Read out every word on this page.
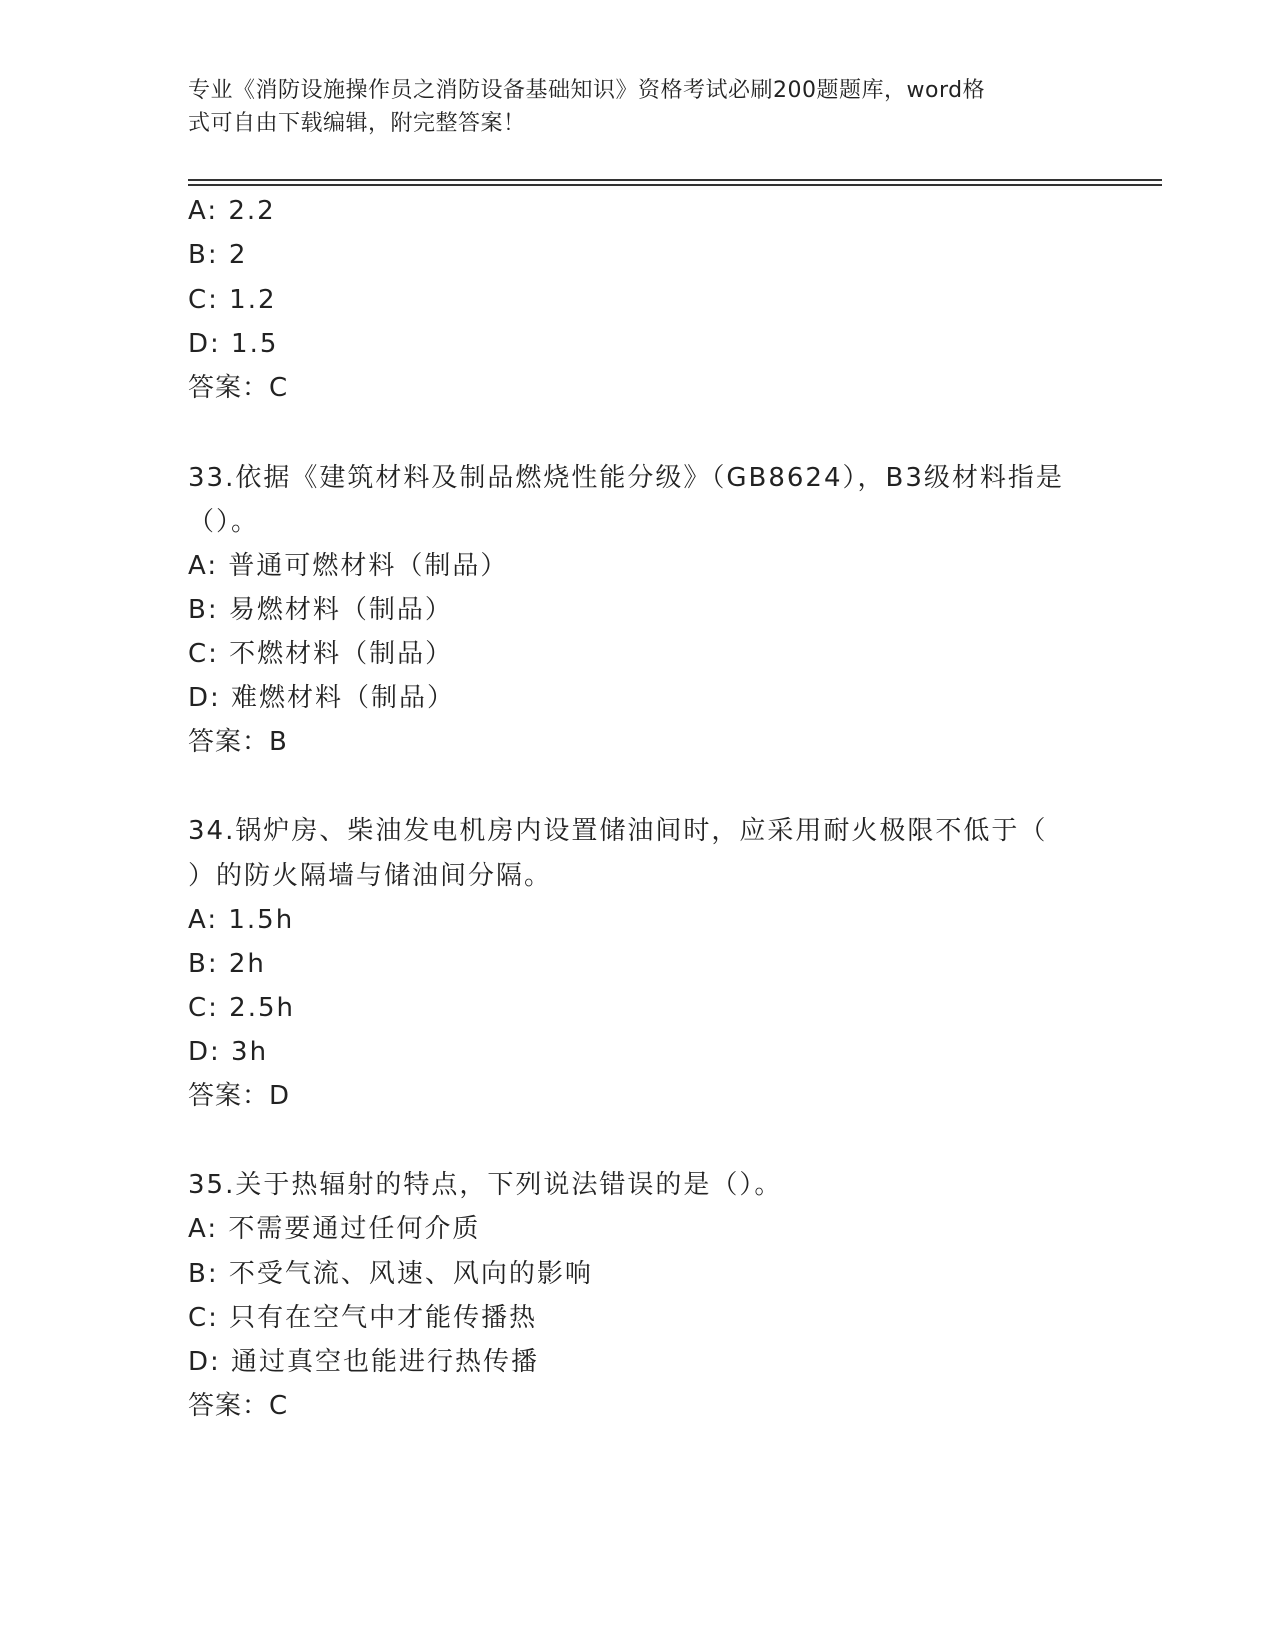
专业《消防设施操作员之消防设备基础知识》资格考试必刷200题题库，word格
式可自由下载编辑，附完整答案！
A: 2.2
B: 2
C: 1.2
D: 1.5
答案：C
33.依据《建筑材料及制品燃烧性能分级》（GB8624），B3级材料指是
（）。
A: 普通可燃材料（制品）
B: 易燃材料（制品）
C: 不燃材料（制品）
D: 难燃材料（制品）
答案：B
34.锅炉房、柴油发电机房内设置储油间时，应采用耐火极限不低于（
）的防火隔墙与储油间分隔。
A: 1.5h
B: 2h
C: 2.5h
D: 3h
答案：D
35.关于热辐射的特点，下列说法错误的是（）。
A: 不需要通过任何介质
B: 不受气流、风速、风向的影响
C: 只有在空气中才能传播热
D: 通过真空也能进行热传播
答案：C
